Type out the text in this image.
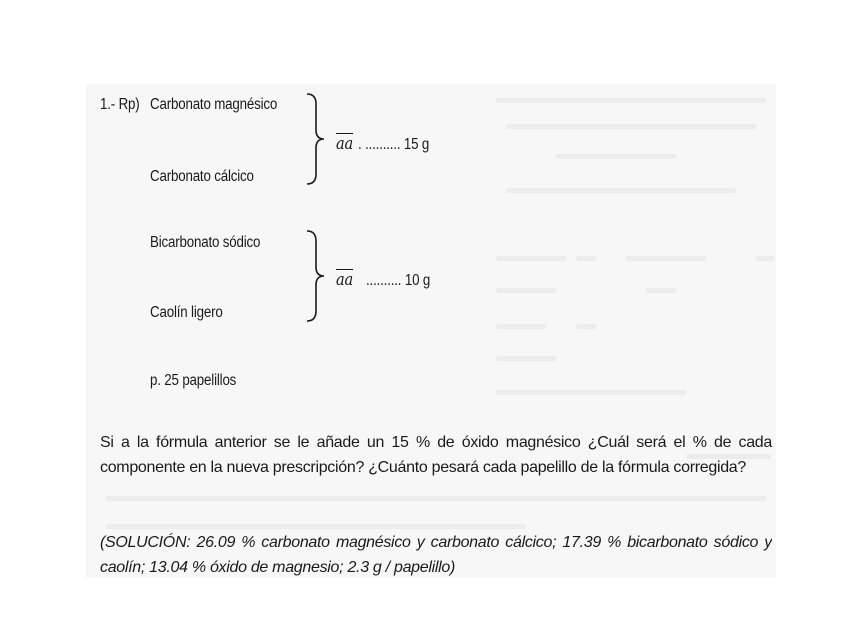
1.- Rp) Carbonato magnésico
Carbonato cálcico
$\overline{aa}$ . .......... 15 g
Bicarbonato sódico
Caolín ligero
$\overline{aa}$ .......... 10 g
p. 25 papelillos
Si a la fórmula anterior se le añade un 15 % de óxido magnésico ¿Cuál será el % de cada componente en la nueva prescripción? ¿Cuánto pesará cada papelillo de la fórmula corregida?
(SOLUCIÓN: 26.09 % carbonato magnésico y carbonato cálcico; 17.39 % bicarbonato sódico y caolín; 13.04 % óxido de magnesio; 2.3 g / papelillo)
